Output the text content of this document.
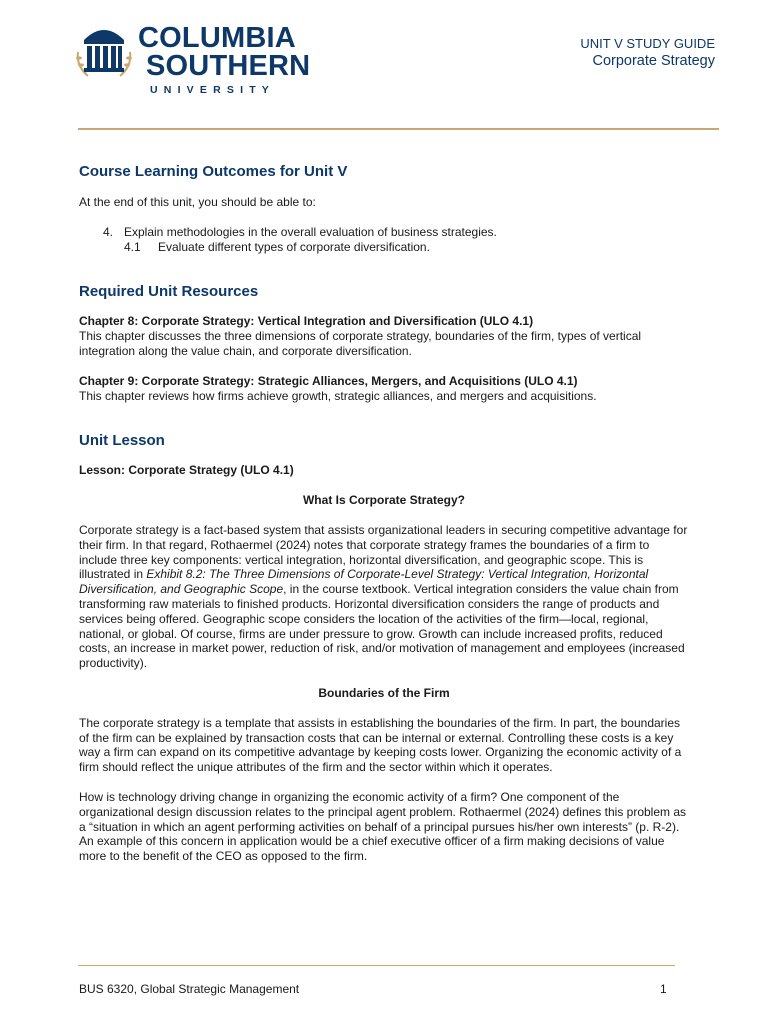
COLUMBIA
SOUTHERN
UNIVERSITY
UNIT V STUDY GUIDE
Corporate Strategy
Course Learning Outcomes for Unit V

At the end of this unit, you should be able to:

4. Explain methodologies in the overall evaluation of business strategies.
4.1	Evaluate different types of corporate diversification.
Required Unit Resources

Chapter 8: Corporate Strategy: Vertical Integration and Diversification (ULO 4.1)

This chapter discusses the three dimensions of corporate strategy, boundaries of the firm, types of vertical integration along the value chain, and corporate diversification.

Chapter 9: Corporate Strategy: Strategic Alliances, Mergers, and Acquisitions (ULO 4.1)

This chapter reviews how firms achieve growth, strategic alliances, and mergers and acquisitions.

Unit Lesson

Lesson: Corporate Strategy (ULO 4.1)

What Is Corporate Strategy?

Corporate strategy is a fact-based system that assists organizational leaders in securing competitive advantage for their firm. In that regard, Rothaermel (2024) notes that corporate strategy frames the boundaries of a firm to include three key components: vertical integration, horizontal diversification, and geographic scope. This is illustrated in Exhibit 8.2: The Three Dimensions of Corporate-Level Strategy: Vertical Integration, Horizontal Diversification, and Geographic Scope, in the course textbook. Vertical integration considers the value chain from transforming raw materials to finished products. Horizontal diversification considers the range of products and services being offered. Geographic scope considers the location of the activities of the firm—local, regional, national, or global. Of course, firms are under pressure to grow. Growth can include increased profits, reduced costs, an increase in market power, reduction of risk, and/or motivation of management and employees (increased productivity).

Boundaries of the Firm

The corporate strategy is a template that assists in establishing the boundaries of the firm. In part, the boundaries of the firm can be explained by transaction costs that can be internal or external. Controlling these costs is a key way a firm can expand on its competitive advantage by keeping costs lower. Organizing the economic activity of a firm should reflect the unique attributes of the firm and the sector within which it operates.

How is technology driving change in organizing the economic activity of a firm? One component of the organizational design discussion relates to the principal agent problem. Rothaermel (2024) defines this problem as a “situation in which an agent performing activities on behalf of a principal pursues his/her own interests” (p. R-2). An example of this concern in application would be a chief executive officer of a firm making decisions of value more to the benefit of the CEO as opposed to the firm.

BUS 6320, Global Strategic Management	1
